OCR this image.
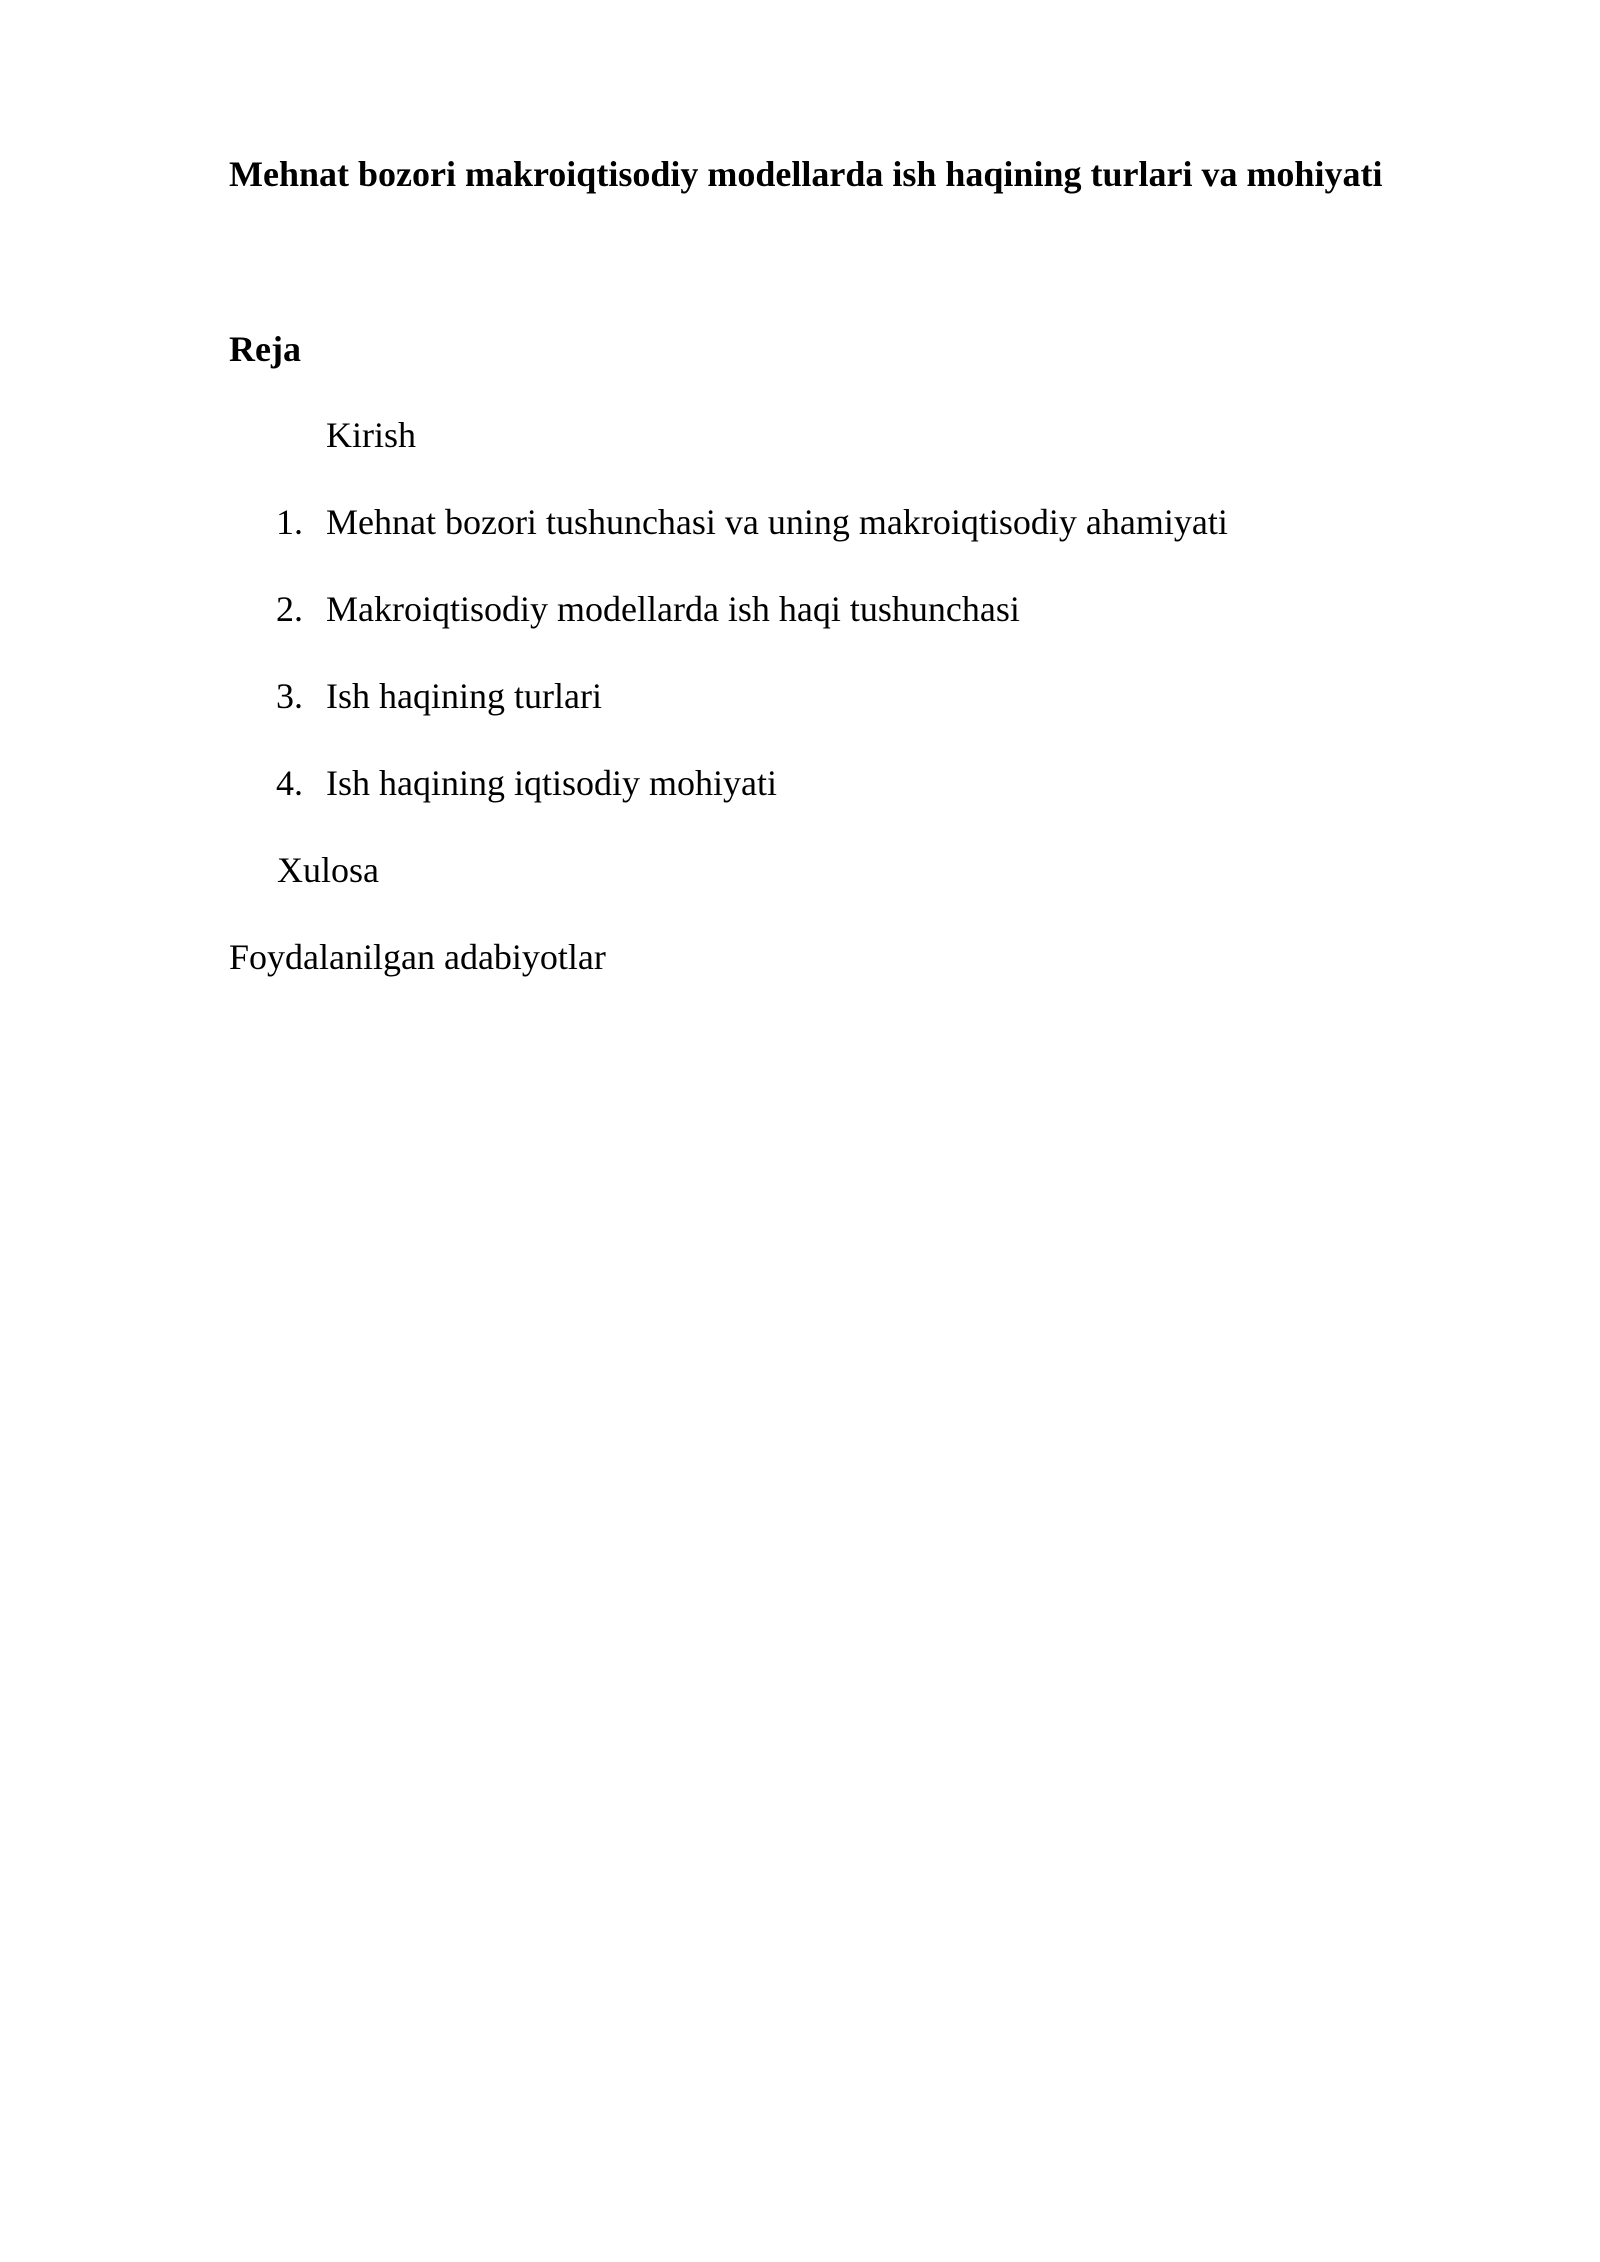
Mehnat bozori makroiqtisodiy modellarda ish haqining turlari va mohiyati
Reja
Kirish
1. Mehnat bozori tushunchasi va uning makroiqtisodiy ahamiyati
2. Makroiqtisodiy modellarda ish haqi tushunchasi
3. Ish haqining turlari
4. Ish haqining iqtisodiy mohiyati
Xulosa
Foydalanilgan adabiyotlar
